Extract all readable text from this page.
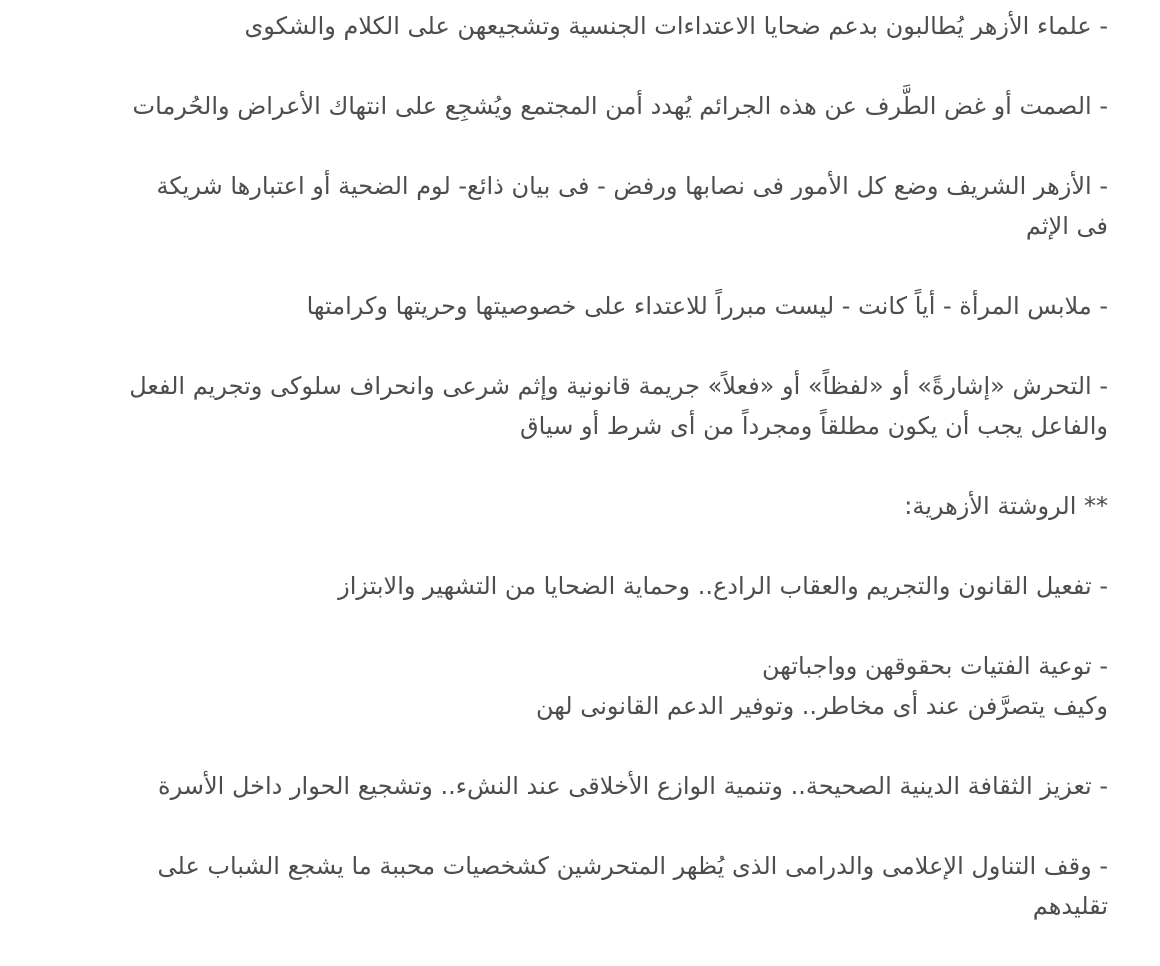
- علماء الأزهر يُطالبون بدعم ضحايا الاعتداءات الجنسية وتشجيعهن على الكلام والشكوى

- الصمت أو غض الطَّرف عن هذه الجرائم يُهدد أمن المجتمع ويُشجِع على انتهاك الأعراض والحُرمات

- الأزهر الشريف وضع كل الأمور فى نصابها ورفض - فى بيان ذائع- لوم الضحية أو اعتبارها شريكة
فى الإثم

- ملابس المرأة - أياً كانت - ليست مبرراً للاعتداء على خصوصيتها وحريتها وكرامتها

- التحرش «إشارةً» أو «لفظاً» أو «فعلاً» جريمة قانونية وإثم شرعى وانحراف سلوكى وتجريم الفعل
والفاعل يجب أن يكون مطلقاً ومجرداً من أى شرط أو سياق

** الروشتة الأزهرية:

- تفعيل القانون والتجريم والعقاب الرادع.. وحماية الضحايا من التشهير والابتزاز

- توعية الفتيات بحقوقهن وواجباتهن
وكيف يتصرَّفن عند أى مخاطر.. وتوفير الدعم القانونى لهن

- تعزيز الثقافة الدينية الصحيحة.. وتنمية الوازع الأخلاقى عند النشء.. وتشجيع الحوار داخل الأسرة

- وقف التناول الإعلامى والدرامى الذى يُظهر المتحرشين كشخصيات محببة ما يشجع الشباب على
تقليدهم
